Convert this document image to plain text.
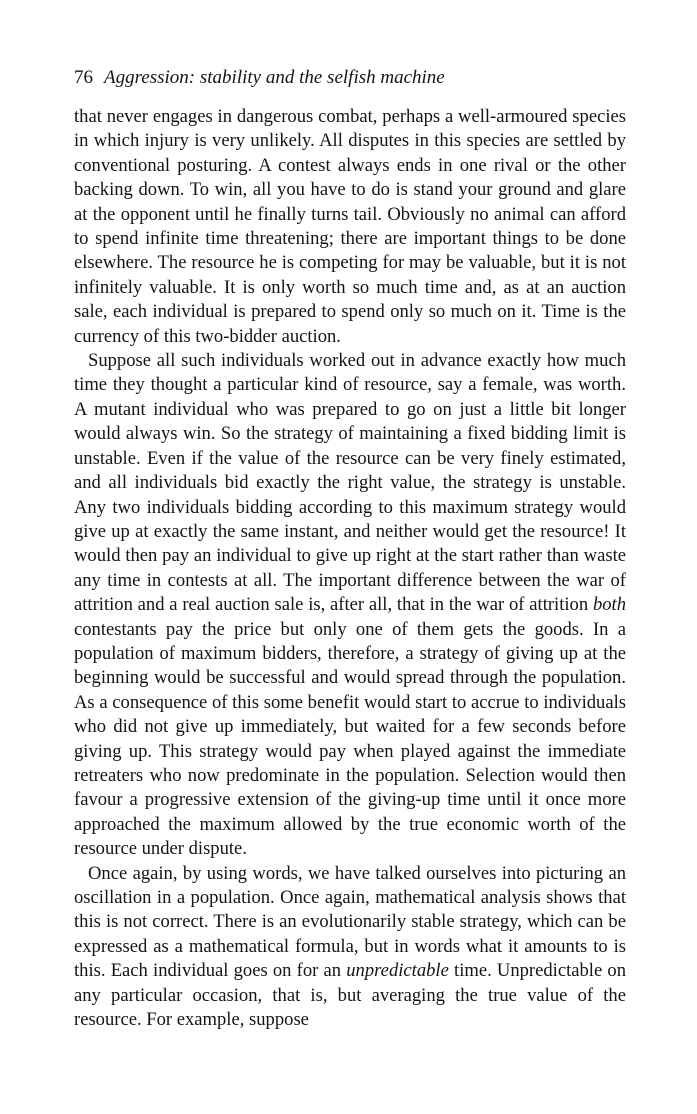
76 Aggression: stability and the selfish machine

that never engages in dangerous combat, perhaps a well-armoured species in which injury is very unlikely. All disputes in this species are settled by conventional posturing. A contest always ends in one rival or the other backing down. To win, all you have to do is stand your ground and glare at the opponent until he finally turns tail. Obviously no animal can afford to spend infinite time threatening; there are important things to be done elsewhere. The resource he is competing for may be valuable, but it is not infinitely valuable. It is only worth so much time and, as at an auction sale, each individual is prepared to spend only so much on it. Time is the currency of this two-bidder auction.

Suppose all such individuals worked out in advance exactly how much time they thought a particular kind of resource, say a female, was worth. A mutant individual who was prepared to go on just a little bit longer would always win. So the strategy of maintaining a fixed bidding limit is unstable. Even if the value of the resource can be very finely estimated, and all individuals bid exactly the right value, the strategy is unstable. Any two individuals bidding according to this maximum strategy would give up at exactly the same instant, and neither would get the resource! It would then pay an individual to give up right at the start rather than waste any time in contests at all. The important difference between the war of attrition and a real auction sale is, after all, that in the war of attrition both contestants pay the price but only one of them gets the goods. In a population of maximum bidders, therefore, a strategy of giving up at the beginning would be successful and would spread through the population. As a consequence of this some benefit would start to accrue to individuals who did not give up immediately, but waited for a few seconds before giving up. This strategy would pay when played against the immediate retreaters who now predominate in the population. Selection would then favour a progressive extension of the giving-up time until it once more approached the maximum allowed by the true economic worth of the resource under dispute.

Once again, by using words, we have talked ourselves into picturing an oscillation in a population. Once again, mathematical analysis shows that this is not correct. There is an evolutionarily stable strategy, which can be expressed as a mathematical formula, but in words what it amounts to is this. Each individual goes on for an unpredictable time. Unpredictable on any particular occasion, that is, but averaging the true value of the resource. For example, suppose
